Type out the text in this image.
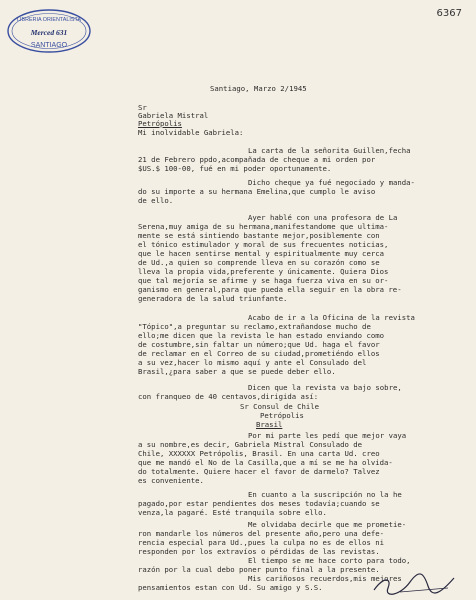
LIBRERIA ORIENTALISTA
Merced 631
SANTIAGO
6367
Santiago, Marzo 2/1945
Sr
Gabriela Mistral
Petrópolis
Mi inolvidable Gabriela:
La carta de la señorita Guillen,fecha
21 de Febrero ppdo,acompañada de cheque a mi orden por
$US.$ 100-00, fué en mi poder oportunamente.
Dicho cheque ya fué negociado y manda-
do su importe a su hermana Emelina,que cumplo le aviso
de ello.
Ayer hablé con una profesora de La
Serena,muy amiga de su hermana,manifestandome que ultima-
mente se está sintiendo bastante mejor,posiblemente con
el tónico estimulador y moral de sus frecuentes noticias,
que le hacen sentirse mental y espiritualmente muy cerca
de Ud.,a quien so comprende lleva en su corazón como se
lleva la propia vida,preferente y únicamente. Quiera Dios
que tal mejoría se afirme y se haga fuerza viva en su or-
ganismo en general,para que pueda ella seguir en la obra re-
generadora de la salud triunfante.
Acabo de ir a la Oficina de la revista
"Tópico",a preguntar su reclamo,extrañandose mucho de
ello;me dicen que la revista le han estado enviando como
de costumbre,sin faltar un número;que Ud. haga el favor
de reclamar en el Correo de su ciudad,prometiéndo ellos
a su vez,hacer lo mismo aquí y ante el Consulado del
Brasil,¿para saber a que se puede deber ello.
Dicen que la revista va bajo sobre,
con franqueo de 40 centavos,dirigida así:
Sr Consul de Chile
Petrópolis
Brasil
Por mi parte les pedí que mejor vaya
a su nombre,es decir, Gabriela Mistral Consulado de
Chile, XXXXXX Petrópolis, Brasil. En una carta Ud. creo
que me mandó el No de la Casilla,que a mí se me ha olvida-
do totalmente. Quiere hacer el favor de darmelo? Talvez
es conveniente.
En cuanto a la suscripción no la he
pagado,por estar pendientes dos meses todavía;cuando se
venza,la pagaré. Esté tranquila sobre ello.
Me olvidaba decirle que me prometie-
ron mandarle los números del presente año,pero una defe-
rencia especial para Ud.,pues la culpa no es de ellos ni
responden por los extravíos o pérdidas de las revistas.
El tiempo se me hace corto para todo,
razón por la cual debo poner punto final a la presente.
Mis cariñosos recuerdos,mis mejores
pensamientos estan con Ud. Su amigo y S.S.
